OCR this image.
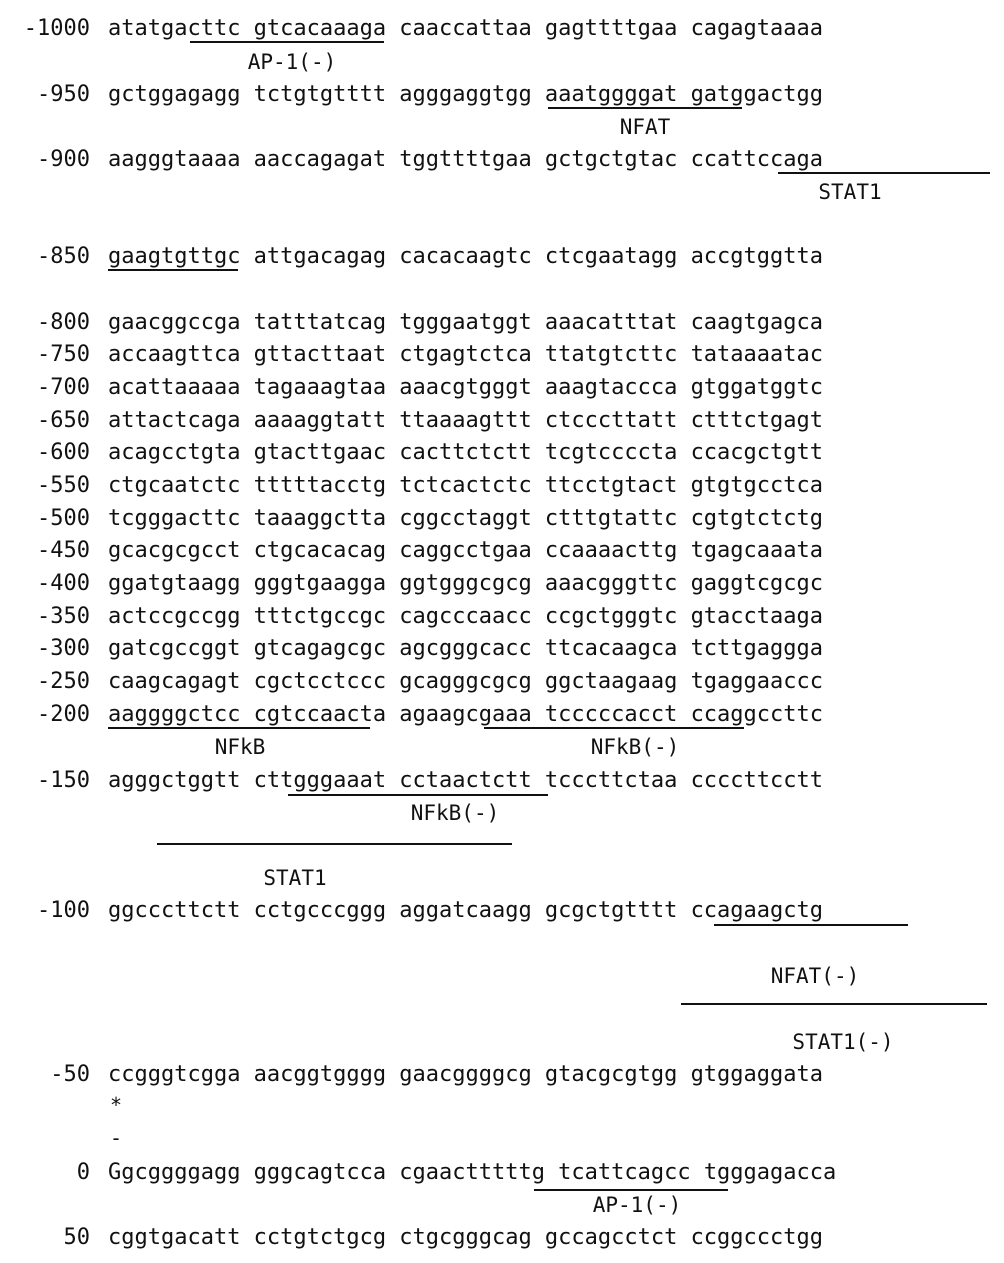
-1000 atatgacttc gtcacaaaga caaccattaa gagttttgaa cagagtaaaa
-950 gctggagagg tctgtgtttt agggaggtgg aaatggggat gatggactgg
-900 aagggtaaaa aaccagagat tggttttgaa gctgctgtac ccattccaga
-850 gaagtgttgc attgacagag cacacaagtc ctcgaatagg accgtggtta
-800 gaacggccga tatttatcag tgggaatggt aaacatttat caagtgagca
-750 accaagttca gttacttaat ctgagtctca ttatgtcttc tataaaatac
-700 acattaaaaa tagaaagtaa aaacgtgggt aaagtaccca gtggatggtc
-650 attactcaga aaaaggtatt ttaaaagttt ctcccttatt ctttctgagt
-600 acagcctgta gtacttgaac cacttctctt tcgtccccta ccacgctgtt
-550 ctgcaatctc tttttacctg tctcactctc ttcctgtact gtgtgcctca
-500 tcgggacttc taaaggctta cggcctaggt ctttgtattc cgtgtctctg
-450 gcacgcgcct ctgcacacag caggcctgaa ccaaaacttg tgagcaaata
-400 ggatgtaagg gggtgaagga ggtgggcgcg aaacgggttc gaggtcgcgc
-350 actccgccgg tttctgccgc cagcccaacc ccgctgggtc gtacctaaga
-300 gatcgccggt gtcagagcgc agcgggcacc ttcacaagca tcttgaggga
-250 caagcagagt cgctcctccc gcagggcgcg ggctaagaag tgaggaaccc
-200 aaggggctcc cgtccaacta agaagcgaaa tcccccacct ccaggccttc
-150 agggctggtt cttgggaaat cctaactctt tcccttctaa ccccttcctt
-100 ggcccttctt cctgcccggg aggatcaagg gcgctgtttt ccagaagctg
-50 ccgggtcgga aacggtgggg gaacggggcg gtacgcgtgg gtggaggata
0 Ggcggggagg gggcagtcca cgaactttttg tcattcagcc tgggagacca
50 cggtgacatt cctgtctgcg ctgcgggcag gccagcctct ccggccctgg
AP-1(-)
NFAT
STAT1
NFkB	NFkB(-)
NFkB(-)
STAT1
NFAT(-)
STAT1(-)
*
-
AP-1(-)
